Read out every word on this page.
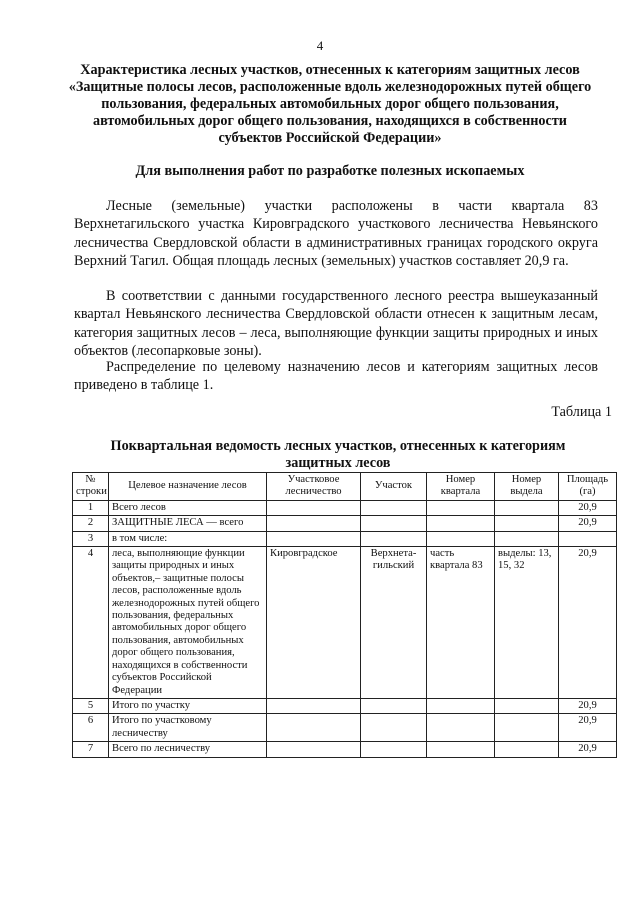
4
Характеристика лесных участков, отнесенных к категориям защитных лесов «Защитные полосы лесов, расположенные вдоль железнодорожных путей общего пользования, федеральных автомобильных дорог общего пользования, автомобильных дорог общего пользования, находящихся в собственности субъектов Российской Федерации»
Для выполнения работ по разработке полезных ископаемых

Лесные (земельные) участки расположены в части квартала 83 Верхнетагильского участка Кировградского участкового лесничества Невьянского лесничества Свердловской области в административных границах городского округа Верхний Тагил. Общая площадь лесных (земельных) участков составляет 20,9 га.

В соответствии с данными государственного лесного реестра вышеуказанный квартал Невьянского лесничества Свердловской области отнесен к защитным лесам, категория защитных лесов – леса, выполняющие функции защиты природных и иных объектов (лесопарковые зоны).

Распределение по целевому назначению лесов и категориям защитных лесов приведено в таблице 1.

Таблица 1
Поквартальная ведомость лесных участков, отнесенных к категориям защитных лесов
№ строки	Целевое назначение лесов	Участковое лесничество	Участок	Номер квартала	Номер выдела	Площадь (га)
1	Всего лесов					20,9
2	ЗАЩИТНЫЕ ЛЕСА — всего					20,9
3	в том числе:					
4	леса, выполняющие функции защиты природных и иных объектов,– защитные полосы лесов, расположенные вдоль железнодорожных путей общего пользования, федеральных автомобильных дорог общего пользования, автомобильных дорог общего пользования, находящихся в собственности субъектов Российской Федерации	Кировградское	Верхнета-гильский	часть квартала 83	выделы: 13, 15, 32	20,9
5	Итого по участку					20,9
6	Итого по участковому лесничеству					20,9
7	Всего по лесничеству					20,9
